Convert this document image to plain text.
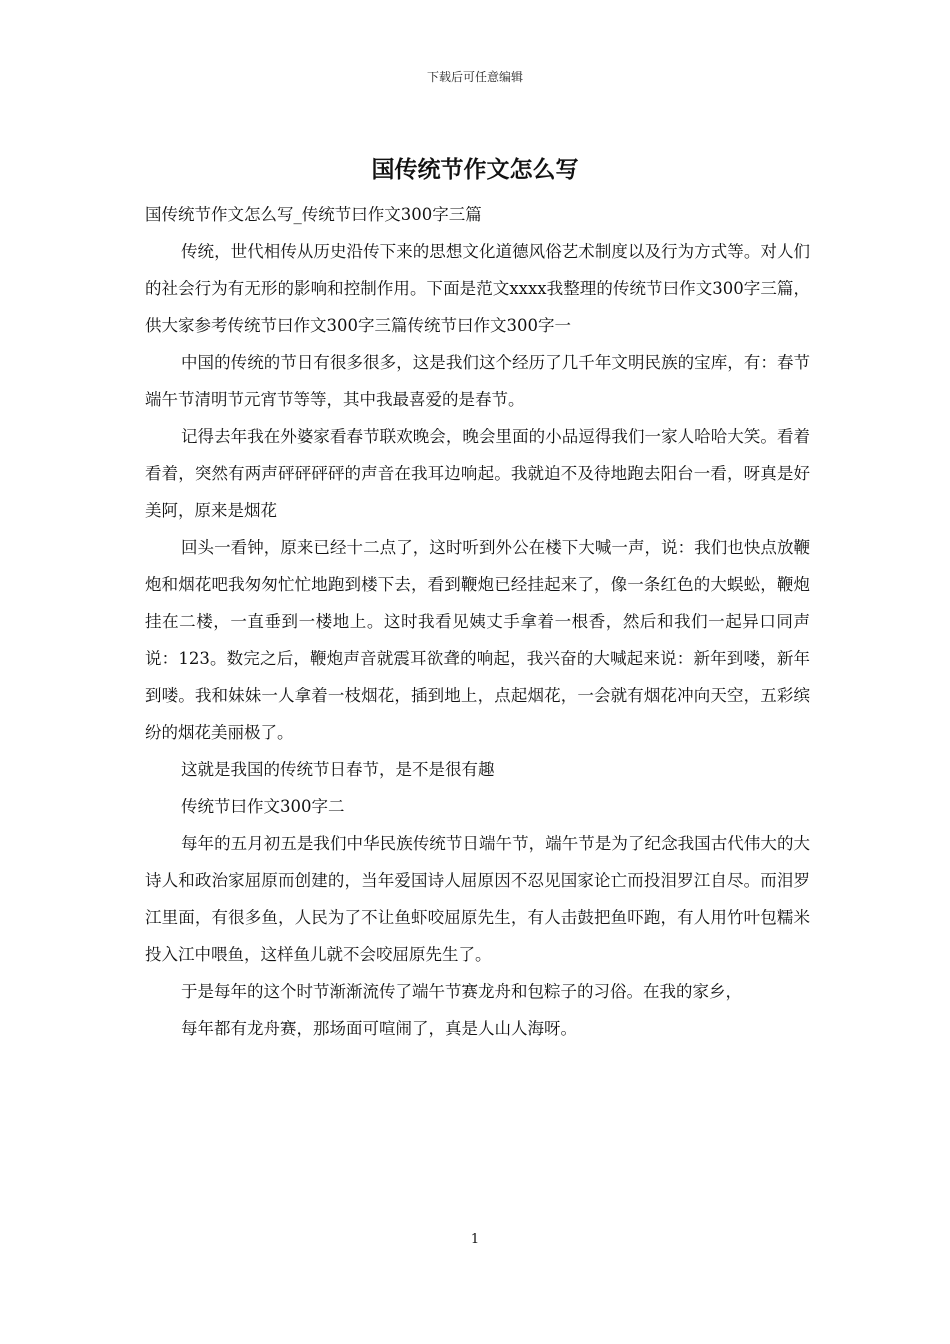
下载后可任意编辑
国传统节作文怎么写

国传统节作文怎么写_传统节曰作文300字三篇

传统，世代相传从历史沿传下来的思想文化道德风俗艺术制度以及行为方式等。对人们的社会行为有无形的影响和控制作用。下面是范文xxxx我整理的传统节曰作文300字三篇，供大家参考传统节曰作文300字三篇传统节曰作文300字一

中国的传统的节日有很多很多，这是我们这个经历了几千年文明民族的宝库，有：春节端午节清明节元宵节等等，其中我最喜爱的是春节。

记得去年我在外婆家看春节联欢晚会，晚会里面的小品逗得我们一家人哈哈大笑。看着看着，突然有两声砰砰砰砰的声音在我耳边响起。我就迫不及待地跑去阳台一看，呀真是好美阿，原来是烟花

回头一看钟，原来已经十二点了，这时听到外公在楼下大喊一声，说：我们也快点放鞭炮和烟花吧我匆匆忙忙地跑到楼下去，看到鞭炮已经挂起来了，像一条红色的大蜈蚣，鞭炮挂在二楼，一直垂到一楼地上。这时我看见姨丈手拿着一根香，然后和我们一起异口同声说：123。数完之后，鞭炮声音就震耳欲聋的响起，我兴奋的大喊起来说：新年到喽，新年到喽。我和妹妹一人拿着一枝烟花，插到地上，点起烟花，一会就有烟花冲向天空，五彩缤纷的烟花美丽极了。

这就是我国的传统节日春节，是不是很有趣

传统节曰作文300字二

每年的五月初五是我们中华民族传统节日端午节，端午节是为了纪念我国古代伟大的大诗人和政治家屈原而创建的，当年爱国诗人屈原因不忍见国家论亡而投泪罗江自尽。而泪罗江里面，有很多鱼，人民为了不让鱼虾咬屈原先生，有人击鼓把鱼吓跑，有人用竹叶包糯米投入江中喂鱼，这样鱼儿就不会咬屈原先生了。

于是每年的这个时节渐渐流传了端午节赛龙舟和包粽子的习俗。在我的家乡，

每年都有龙舟赛，那场面可喧闹了，真是人山人海呀。

1
